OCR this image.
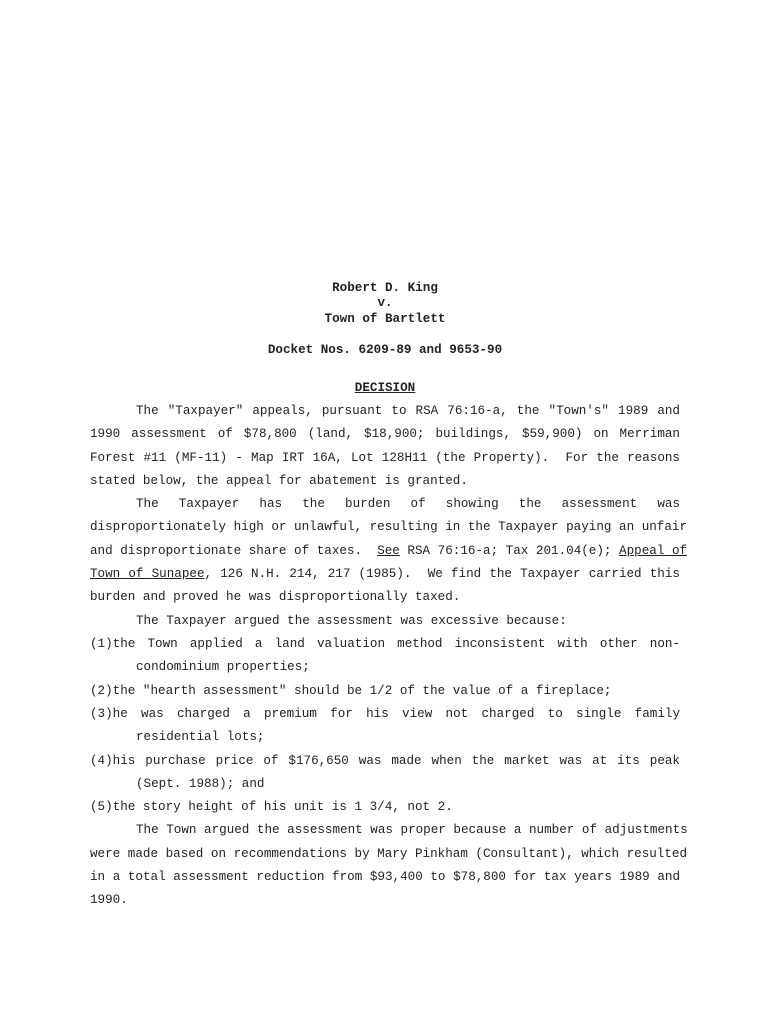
Robert D. King

v.

Town of Bartlett

Docket Nos. 6209-89 and 9653-90

DECISION

The "Taxpayer" appeals, pursuant to RSA 76:16-a, the "Town's" 1989 and

1990 assessment of $78,800 (land, $18,900; buildings, $59,900) on Merriman

Forest #11 (MF-11) - Map IRT 16A, Lot 128H11 (the Property).  For the reasons

stated below, the appeal for abatement is granted.

The Taxpayer has the burden of showing the assessment was

disproportionately high or unlawful, resulting in the Taxpayer paying an unfair

and disproportionate share of taxes.  See RSA 76:16-a; Tax 201.04(e); Appeal of

Town of Sunapee, 126 N.H. 214, 217 (1985).  We find the Taxpayer carried this

burden and proved he was disproportionally taxed.

The Taxpayer argued the assessment was excessive because:

(1)the Town applied a land valuation method inconsistent with other non-

condominium properties;

(2)the "hearth assessment" should be 1/2 of the value of a fireplace;

(3)he was charged a premium for his view not charged to single family

residential lots;

(4)his purchase price of $176,650 was made when the market was at its peak

(Sept. 1988); and

(5)the story height of his unit is 1 3/4, not 2.

The Town argued the assessment was proper because a number of adjustments

were made based on recommendations by Mary Pinkham (Consultant), which resulted

in a total assessment reduction from $93,400 to $78,800 for tax years 1989 and

1990.
